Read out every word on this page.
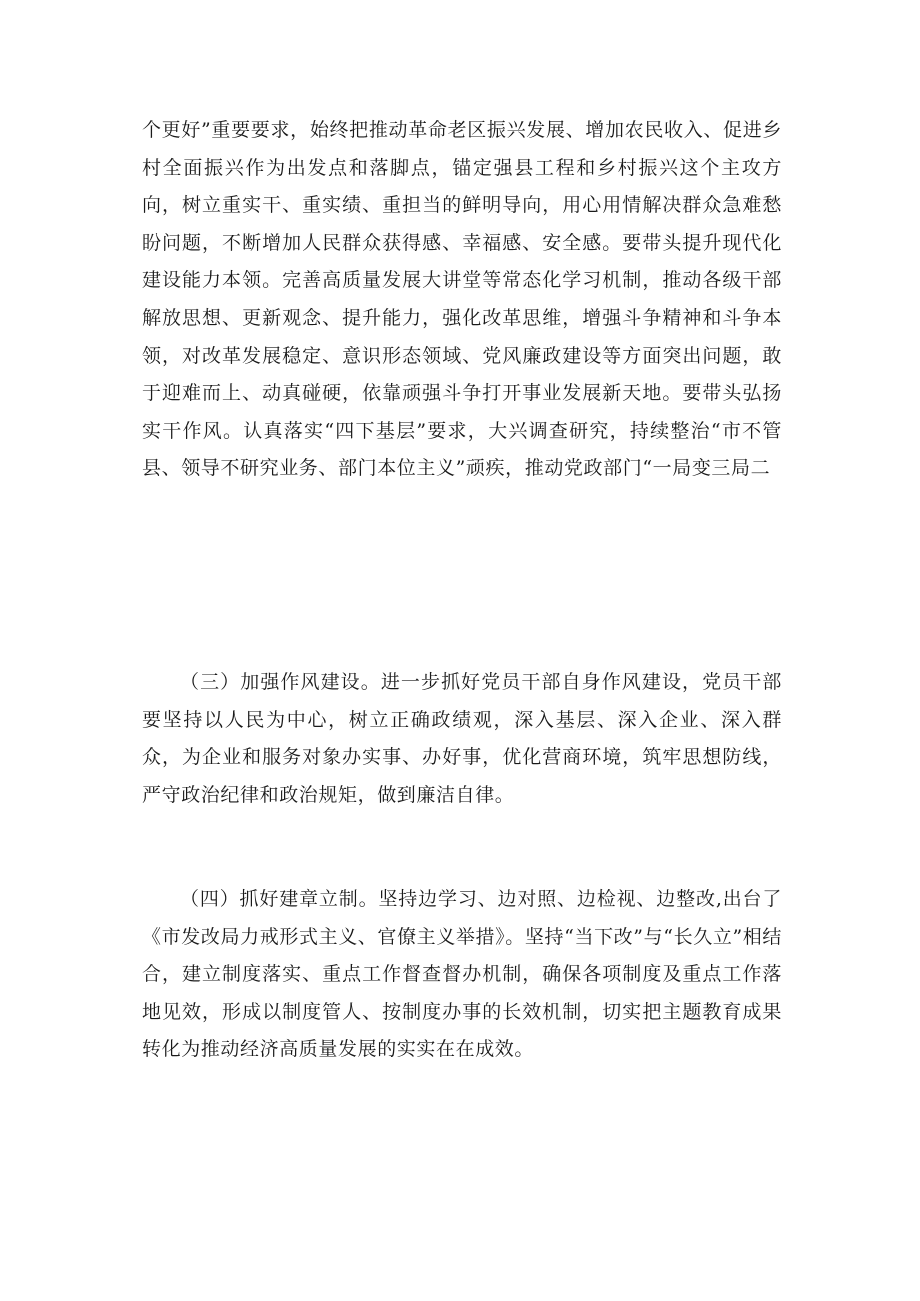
个更好”重要要求，始终把推动革命老区振兴发展、增加农民收入、促进乡村全面振兴作为出发点和落脚点，锚定强县工程和乡村振兴这个主攻方向，树立重实干、重实绩、重担当的鲜明导向，用心用情解决群众急难愁盼问题，不断增加人民群众获得感、幸福感、安全感。要带头提升现代化建设能力本领。完善高质量发展大讲堂等常态化学习机制，推动各级干部解放思想、更新观念、提升能力，强化改革思维，增强斗争精神和斗争本领，对改革发展稳定、意识形态领域、党风廉政建设等方面突出问题，敢于迎难而上、动真碰硬，依靠顽强斗争打开事业发展新天地。要带头弘扬实干作风。认真落实“四下基层”要求，大兴调查研究，持续整治“市不管县、领导不研究业务、部门本位主义”顽疾，推动党政部门“一局变三局二

（三）加强作风建设。进一步抓好党员干部自身作风建设，党员干部要坚持以人民为中心，树立正确政绩观，深入基层、深入企业、深入群众，为企业和服务对象办实事、办好事，优化营商环境，筑牢思想防线，严守政治纪律和政治规矩，做到廉洁自律。

（四）抓好建章立制。坚持边学习、边对照、边检视、边整改,出台了《市发改局力戒形式主义、官僚主义举措》。坚持“当下改”与“长久立”相结合，建立制度落实、重点工作督查督办机制，确保各项制度及重点工作落地见效，形成以制度管人、按制度办事的长效机制，切实把主题教育成果转化为推动经济高质量发展的实实在在成效。
